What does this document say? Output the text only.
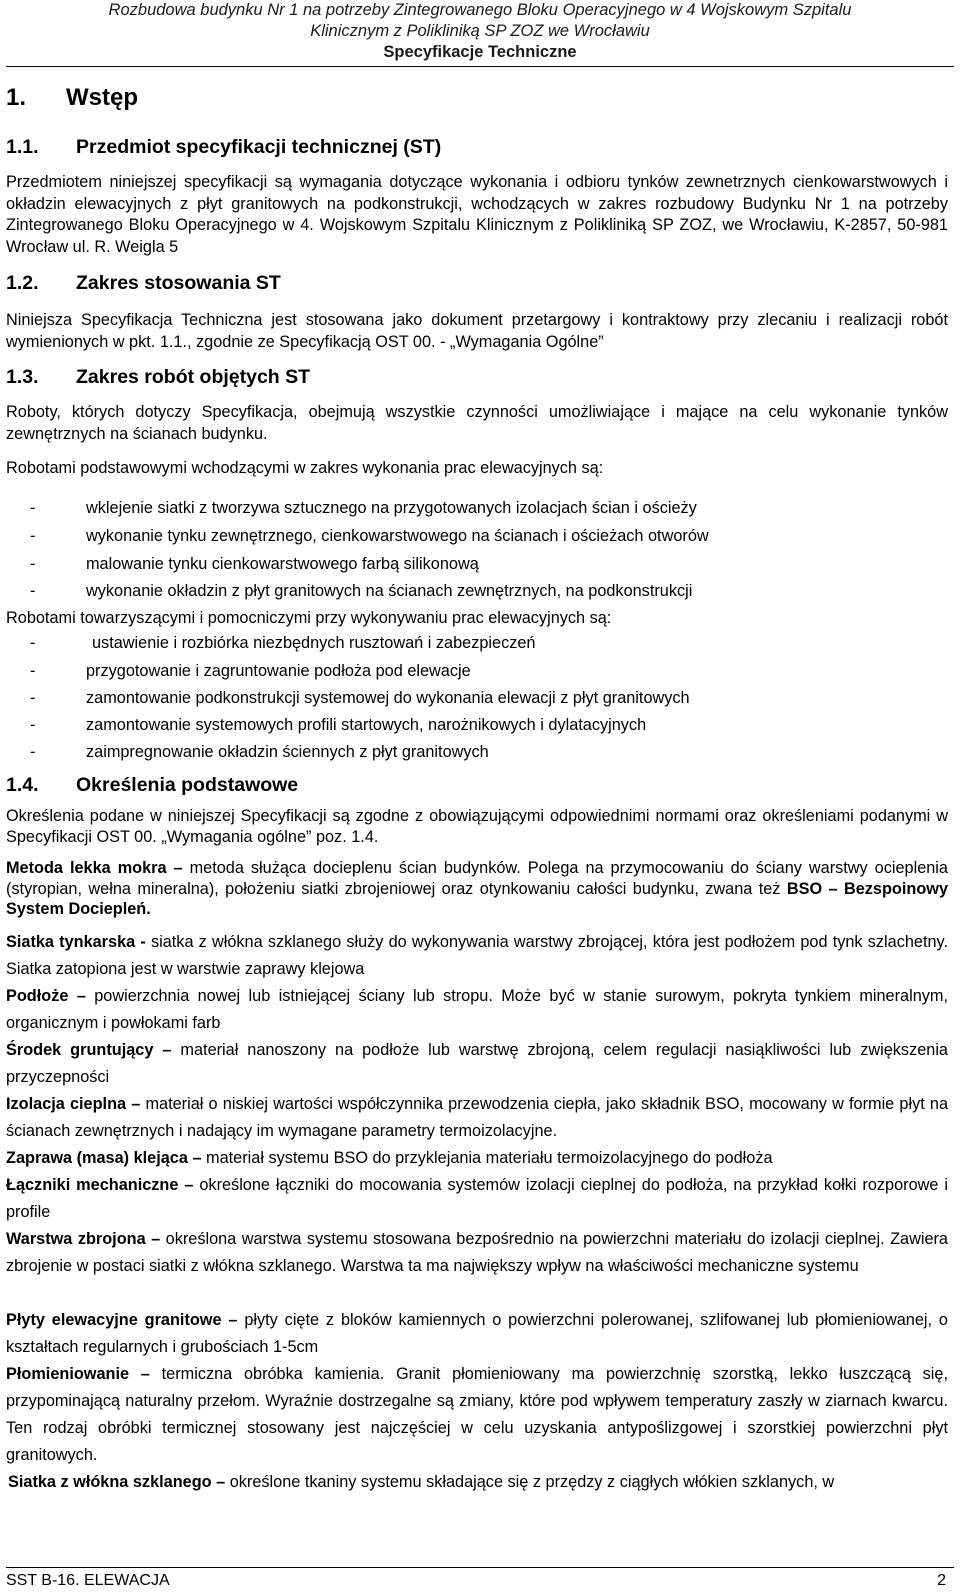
Rozbudowa budynku Nr 1 na potrzeby Zintegrowanego Bloku Operacyjnego w 4 Wojskowym Szpitalu
Klinicznym z Polikliniką SP ZOZ we Wrocławiu
Specyfikacje Techniczne
1. Wstęp
1.1. Przedmiot specyfikacji technicznej (ST)
Przedmiotem niniejszej specyfikacji są wymagania dotyczące wykonania i odbioru tynków zewnetrznych cienkowarstwowych i okładzin elewacyjnych z płyt granitowych na podkonstrukcji, wchodzących w zakres rozbudowy Budynku Nr 1 na potrzeby Zintegrowanego Bloku Operacyjnego w 4. Wojskowym Szpitalu Klinicznym z Polikliniką SP ZOZ, we Wrocławiu, K-2857, 50-981 Wrocław ul. R. Weigla 5
1.2. Zakres stosowania ST
Niniejsza Specyfikacja Techniczna jest stosowana jako dokument przetargowy i kontraktowy przy zlecaniu i realizacji robót wymienionych w pkt. 1.1., zgodnie ze Specyfikacją OST 00. - „Wymagania Ogólne”
1.3. Zakres robót objętych ST
Roboty, których dotyczy Specyfikacja, obejmują wszystkie czynności umożliwiające i mające na celu wykonanie tynków zewnętrznych na ścianach budynku.
Robotami podstawowymi wchodzącymi w zakres wykonania prac elewacyjnych są:
-	wklejenie siatki z tworzywa sztucznego na przygotowanych izolacjach ścian i ościeży
-	wykonanie tynku zewnętrznego, cienkowarstwowego na ścianach i ościeżach otworów
-	malowanie tynku cienkowarstwowego farbą silikonową
-	wykonanie okładzin z płyt granitowych na ścianach zewnętrznych, na podkonstrukcji
Robotami towarzyszącymi i pomocniczymi przy wykonywaniu prac elewacyjnych są:
-	ustawienie i rozbiórka niezbędnych rusztowań i zabezpieczeń
-	przygotowanie i zagruntowanie podłoża pod elewacje
-	zamontowanie podkonstrukcji systemowej do wykonania elewacji z płyt granitowych
-	zamontowanie systemowych profili startowych, narożnikowych i dylatacyjnych
-	zaimpregnowanie okładzin ściennych z płyt granitowych
1.4. Określenia podstawowe
Określenia podane w niniejszej Specyfikacji są zgodne z obowiązującymi odpowiednimi normami oraz określeniami podanymi w Specyfikacji OST 00. „Wymagania ogólne” poz. 1.4.
Metoda lekka mokra – metoda służąca docieplenu ścian budynków. Polega na przymocowaniu do ściany warstwy ocieplenia (styropian, wełna mineralna), położeniu siatki zbrojeniowej oraz otynkowaniu całości budynku, zwana też BSO – Bezspoinowy System Dociepleń.
Siatka tynkarska - siatka z włókna szklanego służy do wykonywania warstwy zbrojącej, która jest podłożem pod tynk szlachetny. Siatka zatopiona jest w warstwie zaprawy klejowa
Podłoże – powierzchnia nowej lub istniejącej ściany lub stropu. Może być w stanie surowym, pokryta tynkiem mineralnym, organicznym i powłokami farb
Środek gruntujący – materiał nanoszony na podłoże lub warstwę zbrojoną, celem regulacji nasiąkliwości lub zwiększenia przyczepności
Izolacja cieplna – materiał o niskiej wartości współczynnika przewodzenia ciepła, jako składnik BSO, mocowany w formie płyt na ścianach zewnętrznych i nadający im wymagane parametry termoizolacyjne.
Zaprawa (masa) klejąca – materiał systemu BSO do przyklejania materiału termoizolacyjnego do podłoża
Łączniki mechaniczne – określone łączniki do mocowania systemów izolacji cieplnej do podłoża, na przykład kołki rozporowe i profile
Warstwa zbrojona – określona warstwa systemu stosowana bezpośrednio na powierzchni materiału do izolacji cieplnej. Zawiera zbrojenie w postaci siatki z włókna szklanego. Warstwa ta ma największy wpływ na właściwości mechaniczne systemu
Płyty elewacyjne granitowe – płyty cięte z bloków kamiennych o powierzchni polerowanej, szlifowanej lub płomieniowanej, o kształtach regularnych i grubościach 1-5cm
Płomieniowanie – termiczna obróbka kamienia. Granit płomieniowany ma powierzchnię szorstką, lekko łuszczącą się, przypominającą naturalny przełom. Wyraźnie dostrzegalne są zmiany, które pod wpływem temperatury zaszły w ziarnach kwarcu. Ten rodzaj obróbki termicznej stosowany jest najczęściej w celu uzyskania antypoślizgowej i szorstkiej powierzchni płyt granitowych.
Siatka z włókna szklanego – określone tkaniny systemu składające się z przędzy z ciągłych włókien szklanych, w
SST B-16. ELEWACJA	2
